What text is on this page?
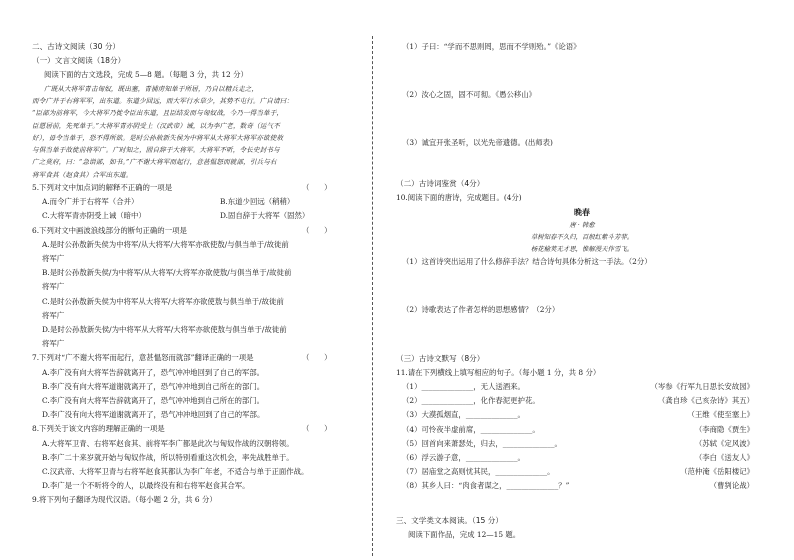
二、古诗文阅读（30 分）
（一）文言文阅读（18分）
阅读下面的古文选段，完成 5—8 题。（每题 3 分，共 12 分）
广既从大将军青击匈奴，既出塞，青捕虏知单于所居，乃自以精兵走之，
而令广并于右将军军，出东道。东道少回远，而大军行水草少，其势不屯行。广自请曰：
“臣部为前将军，今大将军乃徙令臣出东道，且臣结发而与匈奴战，今乃一得当单于，
臣愿居前，先死单于。”大将军青亦阴受上（汉武帝）诫，以为李广老，数奇（运气不
好），毋令当单于，恐不得所欲。是时公孙敖新失侯为中将军从大将军大将军亦欲使敖
与俱当单于故徙前将军广。广时知之，固自辞于大将军。大将军不听，令长史封书与
广之莫府，曰：“急诣部，如书。”广不谢大将军而起行，意甚愠怒而就部，引兵与右
将军食其（赵食其）合军出东道。
5.下列对文中加点词的解释不正确的一项是	（　　）
A.而令广并于右将军（合并）	B.东道少回远（稍稍）
C.大将军青亦阴受上诫（暗中）	D.固自辞于大将军（固然）
6.下列对文中画波浪线部分的断句正确的一项是	（　　）
A.是时公孙敖新失侯为中将军/从大将军/大将军亦欲使敖/与俱当单于/故徙前
将军广
B.是时公孙敖新失侯/为中将军/从大将军/大将军亦欲使敖/与俱当单于/故徙前
将军广
C.是时公孙敖新失侯为中将军从大将军/大将军亦欲使敖与俱当单于/故徙前
将军广
D.是时公孙敖新失侯/为中将军从大将军/大将军亦欲使敖与俱当单于/故徙前
将军广
7.下列对“广不谢大将军而起行，意甚愠怒而就部”翻译正确的一项是	（　　）
A.李广没有向大将军告辞就离开了，恐气冲冲地回到了自己的军部。
B.李广没有向大将军道谢就离开了，恐气冲冲地到自己所在的部门。
C.李广没有向大将军告辞就离开了，恐气冲冲地到自己所在的部门。
D.李广没有向大将军道谢就离开了，恐气冲冲地回到了自己的军部。
8.下列关于该文内容的理解正确的一项是	（　　）
A.大将军卫青、右将军赵食其、前将军李广都是此次与匈奴作战的汉朝将领。
B.李广二十来岁就开始与匈奴作战，所以特别看重这次机会，率先战胜单于。
C.汉武帝、大将军卫青与右将军赵食其都认为李广年老，不适合与单于正面作战。
D.李广是一个不听将令的人，以最终没有和右将军赵食其合军。
9.将下列句子翻译为现代汉语。（每小题 2 分，共 6 分）
（1）子曰：“学而不思则罔，思而不学则殆。”《论语》
（2）汝心之固，固不可彻。《愚公移山》
（3）诚宜开张圣听，以光先帝遗德。(出师表)
（二）古诗词鉴赏（4分）
10.阅读下面的唐诗，完成题目。(4分)
晚春
唐 · 韩愈
草树知春不久归，百般红紫斗芳菲。
杨花榆荚无才思，惟解漫天作雪飞。
（1）这首诗突出运用了什么修辞手法？结合诗句具体分析这一手法。（2分）
（2）诗歌表达了作者怎样的思想感情？（2分）
（三）古诗文默写（8分）
11.请在下列横线上填写相应的句子。（每小题 1 分，共 8 分）
（1）______________，无人送酒来。	（岑参《行军九日思长安故园》
（2）______________，化作春泥更护花。	（龚自珍《己亥杂诗》其五）
（3）大漠孤烟直，______________。	（王维《使至塞上》
（4）可怜夜半虚前席，______________。	（李商隐《贾生》
（5）回首向来萧瑟处，归去，______________。	（苏轼《定风波》
（6）浮云游子意，______________。	（李白《送友人》
（7）居庙堂之高则忧其民，______________。	（范仲淹《岳阳楼记》
（8）其乡人曰：“肉食者谋之，______________？”	（曹刿论战）
三、文学类文本阅读。（15 分）
阅读下面作品，完成 12—15 题。
